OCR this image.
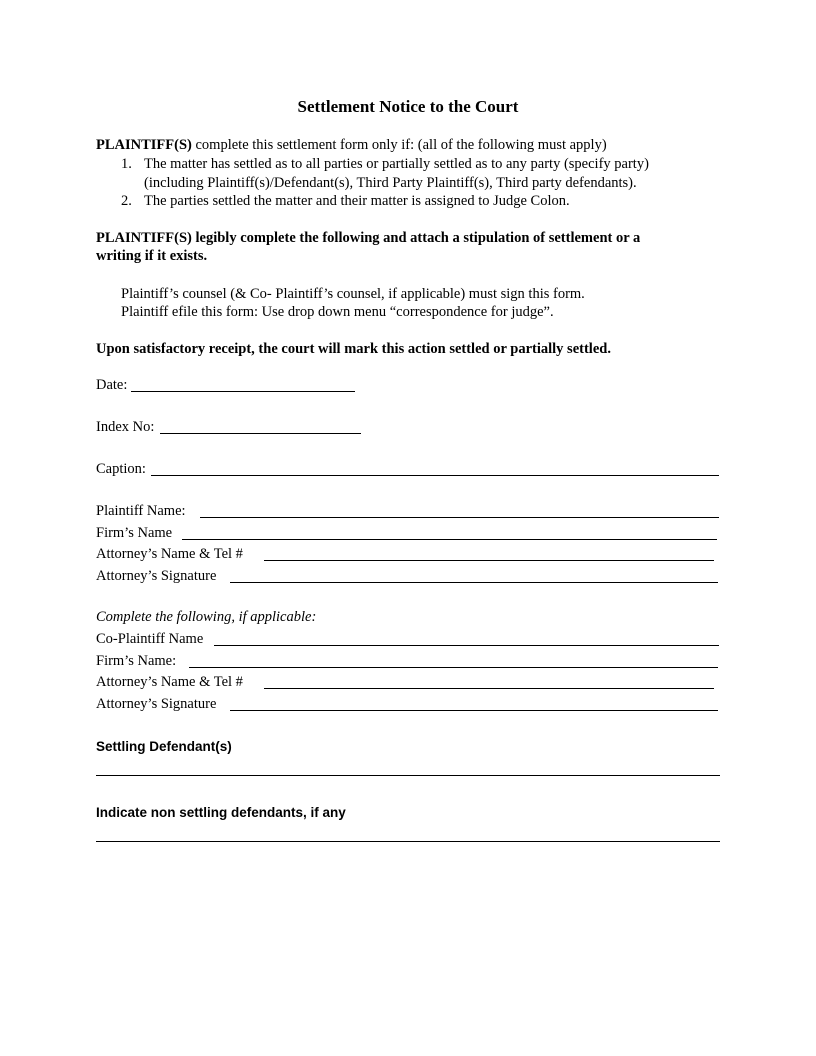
Settlement Notice to the Court
PLAINTIFF(S) complete this settlement form only if: (all of the following must apply)
1. The matter has settled as to all parties or partially settled as to any party (specify party)
(including Plaintiff(s)/Defendant(s), Third Party Plaintiff(s), Third party defendants).
2. The parties settled the matter and their matter is assigned to Judge Colon.
PLAINTIFF(S) legibly complete the following and attach a stipulation of settlement or a
writing if it exists.
Plaintiff’s counsel (& Co- Plaintiff’s counsel, if applicable) must sign this form.
Plaintiff efile this form: Use drop down menu “correspondence for judge”.
Upon satisfactory receipt, the court will mark this action settled or partially settled.
Date:
Index No:
Caption:
Plaintiff Name:
Firm’s Name
Attorney’s Name & Tel #
Attorney’s Signature
Complete the following, if applicable:
Co-Plaintiff Name
Firm’s Name:
Attorney’s Name & Tel #
Attorney’s Signature
Settling Defendant(s)
Indicate non settling defendants, if any
